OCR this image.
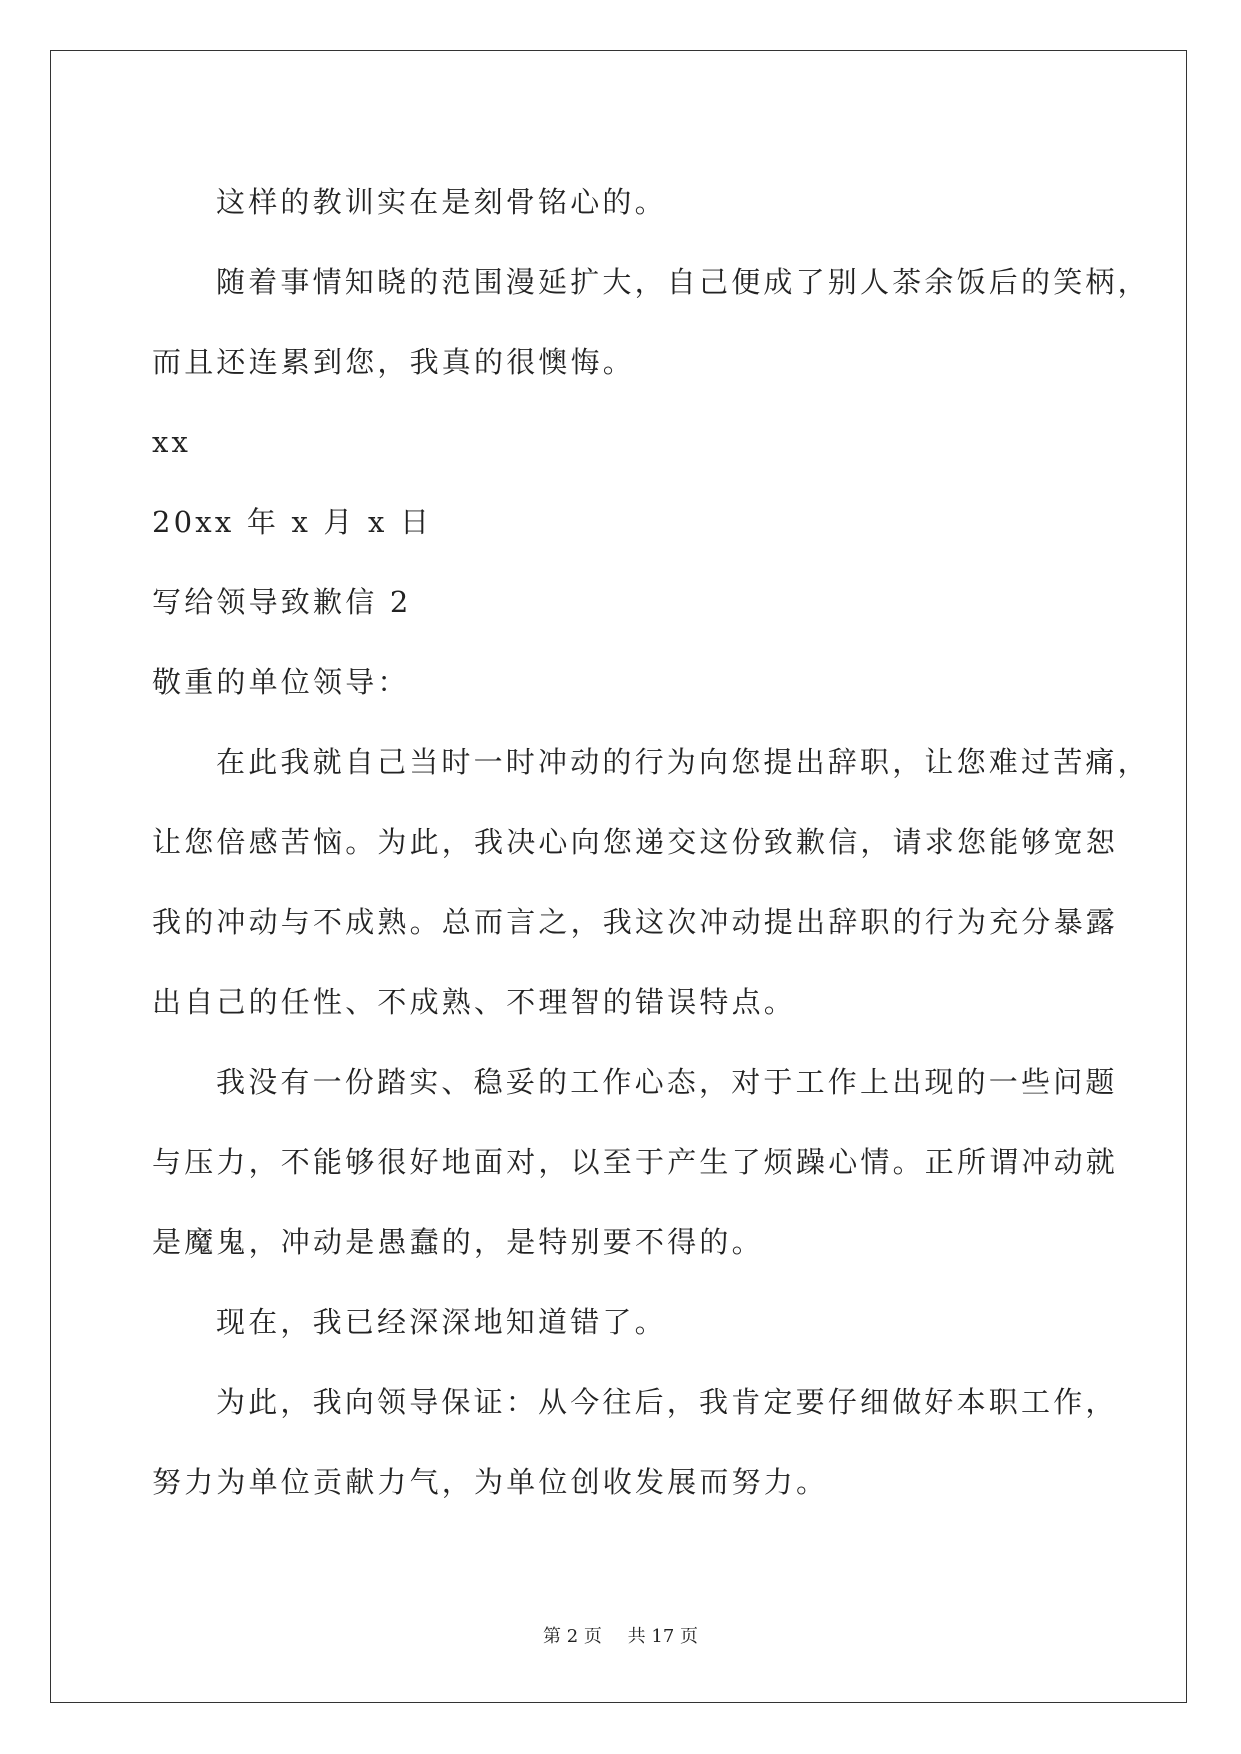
这样的教训实在是刻骨铭心的。

随着事情知晓的范围漫延扩大，自己便成了别人茶余饭后的笑柄，

而且还连累到您，我真的很懊悔。

xx

20xx 年 x 月 x 日

写给领导致歉信 2

敬重的单位领导：

在此我就自己当时一时冲动的行为向您提出辞职，让您难过苦痛，

让您倍感苦恼。为此，我决心向您递交这份致歉信，请求您能够宽恕

我的冲动与不成熟。总而言之，我这次冲动提出辞职的行为充分暴露

出自己的任性、不成熟、不理智的错误特点。

我没有一份踏实、稳妥的工作心态，对于工作上出现的一些问题

与压力，不能够很好地面对，以至于产生了烦躁心情。正所谓冲动就

是魔鬼，冲动是愚蠢的，是特别要不得的。

现在，我已经深深地知道错了。

为此，我向领导保证：从今往后，我肯定要仔细做好本职工作，

努力为单位贡献力气，为单位创收发展而努力。

第 2 页 共 17 页
